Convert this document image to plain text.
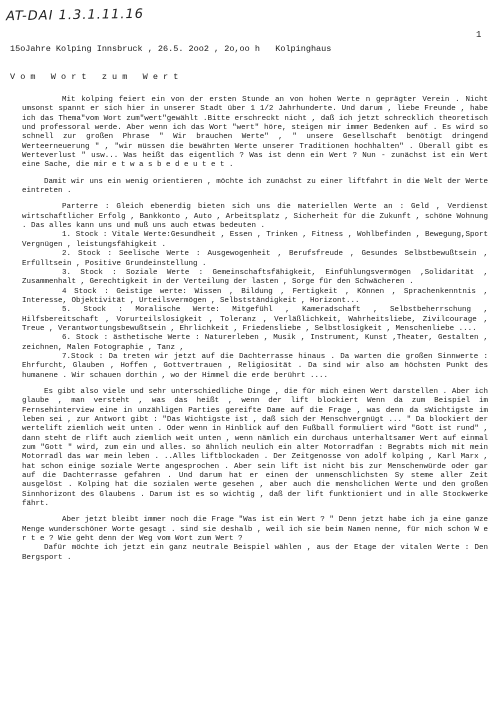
AT-DAI 1.3.1.11.16
1
15oJahre Kolping Innsbruck , 26.5. 2oo2 , 2o,oo h   Kolpinghaus
V o m   W o r t   z u m   W e r t

Mit kolping feiert ein von der ersten Stunde an von hohen Werte n geprägter Verein . Nicht umsonst spannt er sich hier in unserer Stadt über 1 1/2 Jahrhunderte. Und darum , liebe Freunde , habe ich das Thema"vom Wort zum"wert"gewählt .Bitte erschreckt nicht , daß ich jetzt schrecklich theoretisch und professoral werde. Aber wenn ich das Wort "wert" höre, steigen mir immer Bedenken auf . Es wird so schnell zur großen Phrase " Wir brauchen Werte" , " unsere Gesellschaft benötigt dringend Werteerneuerung " , "wir müssen die bewährten Werte unserer Traditionen hochhalten" . Überall gibt es Werteverlust " usw... Was heißt das eigentlich ? Was ist denn ein Wert ? Nun - zunächst ist ein Wert eine Sache, die mir e t w a s b e d e u t e t .

Damit wir uns ein wenig orientieren , möchte ich zunächst zu einer liftfahrt in die Welt der Werte eintreten .

Parterre : Gleich ebenerdig bieten sich uns die materiellen Werte an : Geld , Verdienst wirtschaftlicher Erfolg , Bankkonto , Auto , Arbeitsplatz , Sicherheit für die Zukunft , schöne Wohnung . Das alles kann uns und muß uns auch etwas bedeuten .

1. Stock : Vitale Werte:Gesundheit , Essen , Trinken , Fitness , Wohlbefinden , Bewegung,Sport Vergnügen , leistungsfähigkeit .

2. Stock : Seelische Werte : Ausgewogenheit , Berufsfreude , Gesundes Selbstbewußtsein , Erfülltsein , Positive Grundeinstellung .

3. Stock : Soziale Werte : Gemeinschaftsfähigkeit, Einfühlungsvermögen ,Solidarität , Zusammenhalt , Gerechtigkeit in der Verteilung der lasten , Sorge für den Schwächeren .

4 Stock : Geistige werte: Wissen , Bildung , Fertigkeit , Können , Sprachenkenntnis , Interesse, Objektivität , Urteilsvermögen , Selbstständigkeit , Horizont...

5. Stock : Moralische Werte: Mitgefühl , Kameradschaft , Selbstbeherrschung , Hilfsbereitschaft , Vorurteilslosigkeit , Toleranz , Verläßlichkeit, Wahrheitsliebe, Zivilcourage , Treue , Verantwortungsbewußtsein , Ehrlichkeit , Friedensliebe , Selbstlosigkeit , Menschenliebe ....

6. Stock : ästhetische Werte : Naturerleben , Musik , Instrument, Kunst ,Theater, Gestalten , zeichnen, Malen Fotographie , Tanz ,

7.Stock : Da treten wir jetzt auf die Dachterrasse hinaus . Da warten die großen Sinnwerte : Ehrfurcht, Glauben , Hoffen , Gottvertrauen , Religiosität . Da sind wir also am höchsten Punkt des humanene . Wir schauen dorthin , wo der Himmel die erde berührt ....

Es gibt also viele und sehr unterschiedliche Dinge , die für mich einen Wert darstellen . Aber ich glaube , man versteht , was das heißt , wenn der lift blockiert Wenn da zum Beispiel im Fernsehinterview eine in unzähligen Parties gereifte Dame auf die Frage , was denn da sWichtigste im leben sei , zur Antwort gibt : "Das Wichtigste ist , daß sich der Menschvergnügt ... " Da blockiert der wertelift ziemlich weit unten . Oder wenn in Hinblick auf den Fußball formuliert wird "Gott ist rund" , dann steht de rlift auch ziemlich weit unten , wenn nämlich ein durchaus unterhaltsamer Wert auf einmal zum "Gott " wird, zum ein und alles. so ähnlich neulich ein alter Motorradfan : Begrabts mich mit mein Motorradl das war mein leben . ..Alles liftblockaden . Der Zeitgenosse von adolf kolping , Karl Marx , hat schon einige soziale Werte angesprochen . Aber sein lift ist nicht bis zur Menschenwürde oder gar auf die Dachterrasse gefahren . Und darum hat er einen der unmenschlichsten Sy steme aller Zeit ausgelöst . Kolping hat die sozialen werte gesehen , aber auch die menshclichen Werte und den großen Sinnhorizont des Glaubens . Darum ist es so wichtig , daß der lift funktioniert und in alle Stockwerke fährt.

Aber jetzt bleibt immer noch die Frage "Was ist ein Wert ? " Denn jetzt habe ich ja eine ganze Menge wunderschöner Worte gesagt . sind sie deshalb , weil ich sie beim Namen nenne, für mich schon W e r t e ? Wie geht denn der Weg vom Wort zum Wert ?

Dafür möchte ich jetzt ein ganz neutrale Beispiel wählen , aus der Etage der vitalen Werte : Den Bergsport .
